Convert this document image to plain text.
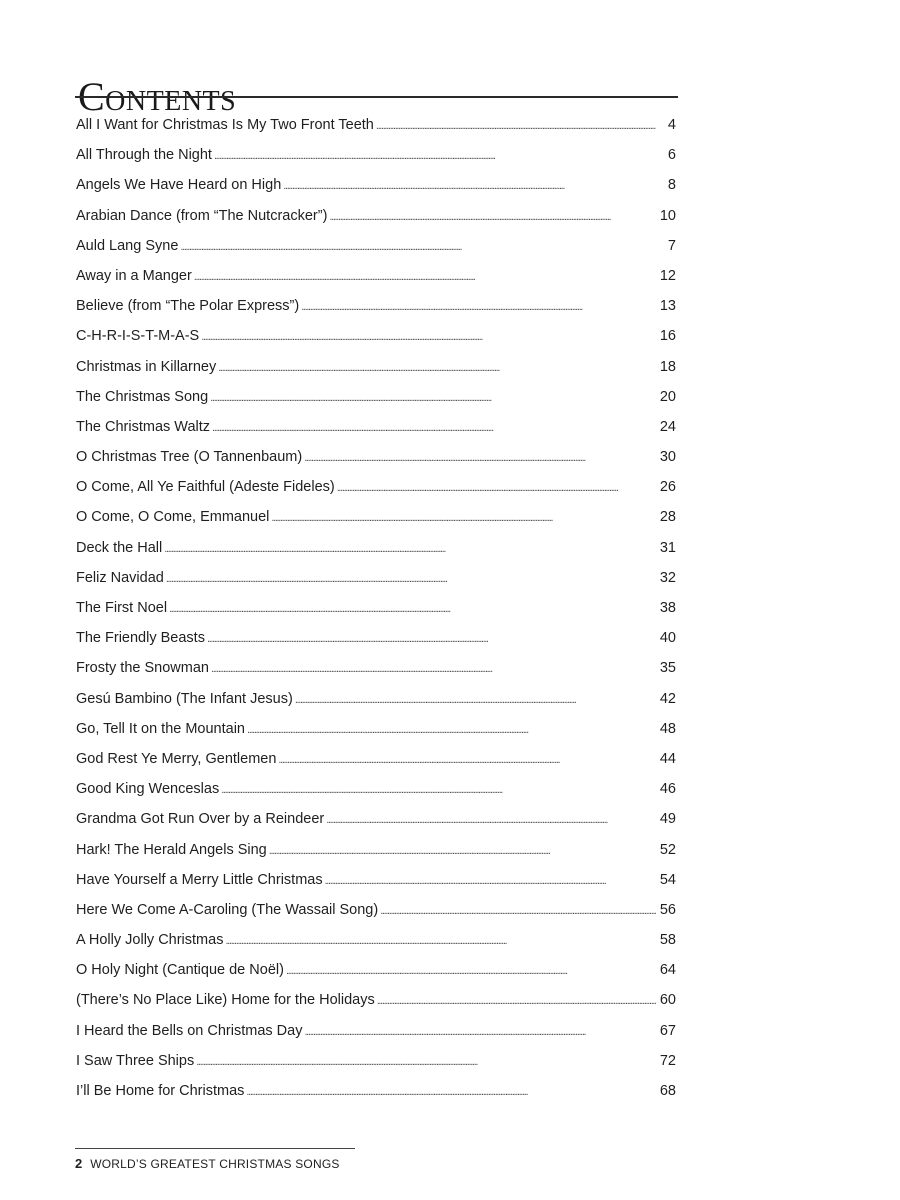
Contents
All I Want for Christmas Is My Two Front Teeth . . .	4
All Through the Night . . .	6
Angels We Have Heard on High . . .	8
Arabian Dance (from “The Nutcracker”) . . .	10
Auld Lang Syne . . .	7
Away in a Manger . . .	12
Believe (from “The Polar Express”) . . .	13
C-H-R-I-S-T-M-A-S . . .	16
Christmas in Killarney . . .	18
The Christmas Song . . .	20
The Christmas Waltz . . .	24
O Christmas Tree (O Tannenbaum) . . .	30
O Come, All Ye Faithful (Adeste Fideles) . . .	26
O Come, O Come, Emmanuel . . .	28
Deck the Hall . . .	31
Feliz Navidad . . .	32
The First Noel . . .	38
The Friendly Beasts . . .	40
Frosty the Snowman . . .	35
Gesú Bambino (The Infant Jesus) . . .	42
Go, Tell It on the Mountain . . .	48
God Rest Ye Merry, Gentlemen . . .	44
Good King Wenceslas . . .	46
Grandma Got Run Over by a Reindeer . . .	49
Hark! The Herald Angels Sing . . .	52
Have Yourself a Merry Little Christmas . . .	54
Here We Come A-Caroling (The Wassail Song) . . .	56
A Holly Jolly Christmas . . .	58
O Holy Night (Cantique de Noël) . . .	64
(There’s No Place Like) Home for the Holidays . . .	60
I Heard the Bells on Christmas Day . . .	67
I Saw Three Ships . . .	72
I’ll Be Home for Christmas . . .	68
2 WORLD’S GREATEST CHRISTMAS SONGS
